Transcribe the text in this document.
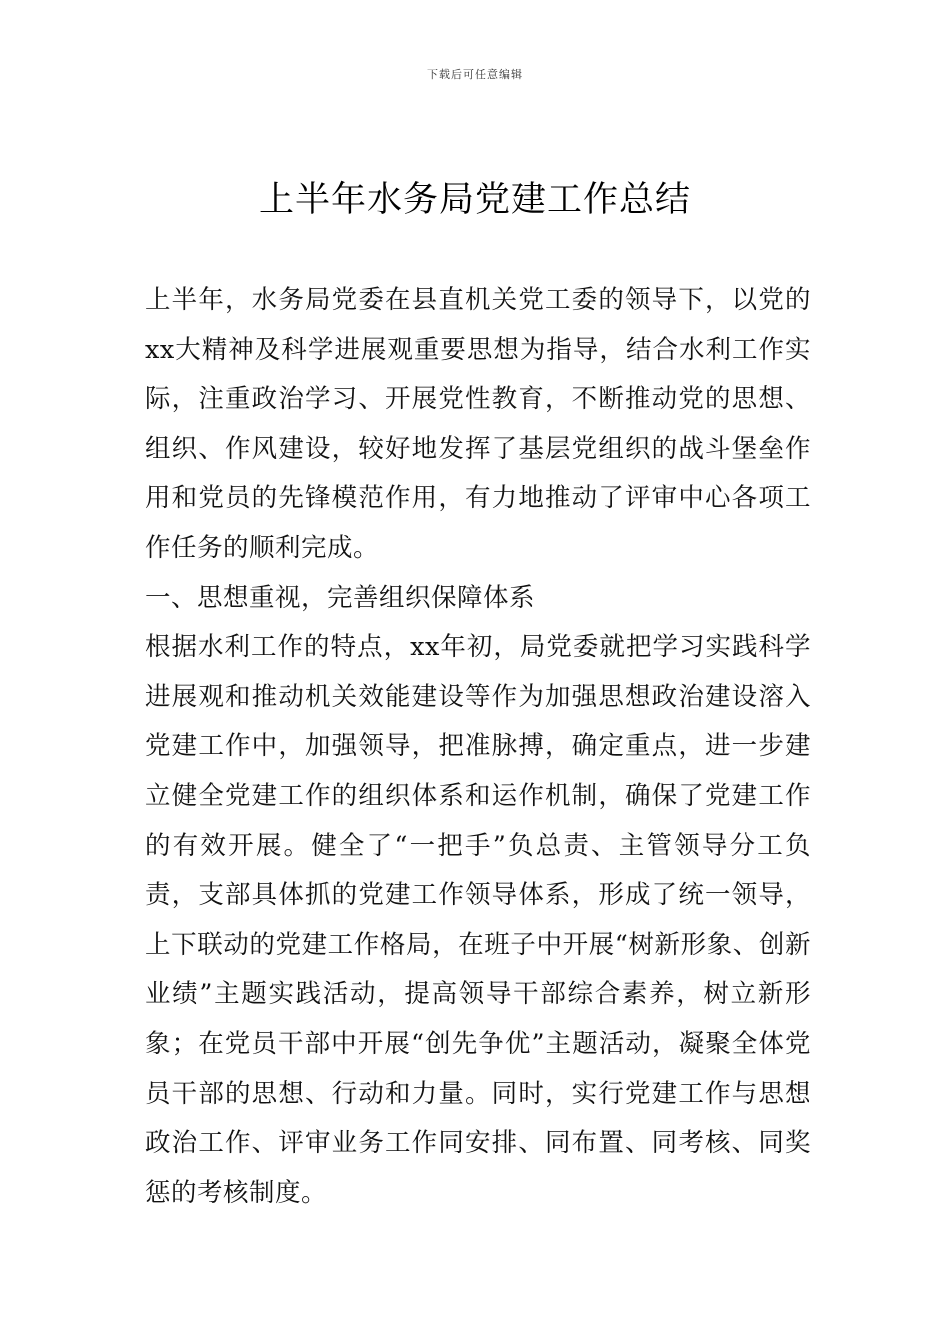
下载后可任意编辑
上半年水务局党建工作总结

上半年，水务局党委在县直机关党工委的领导下，以党的xx大精神及科学进展观重要思想为指导，结合水利工作实际，注重政治学习、开展党性教育，不断推动党的思想、组织、作风建设，较好地发挥了基层党组织的战斗堡垒作用和党员的先锋模范作用，有力地推动了评审中心各项工作任务的顺利完成。

一、思想重视，完善组织保障体系

根据水利工作的特点，xx年初，局党委就把学习实践科学进展观和推动机关效能建设等作为加强思想政治建设溶入党建工作中，加强领导，把准脉搏，确定重点，进一步建立健全党建工作的组织体系和运作机制，确保了党建工作的有效开展。健全了“一把手”负总责、主管领导分工负责，支部具体抓的党建工作领导体系，形成了统一领导，上下联动的党建工作格局，在班子中开展“树新形象、创新业绩”主题实践活动，提高领导干部综合素养，树立新形象；在党员干部中开展“创先争优”主题活动，凝聚全体党员干部的思想、行动和力量。同时，实行党建工作与思想政治工作、评审业务工作同安排、同布置、同考核、同奖惩的考核制度。
